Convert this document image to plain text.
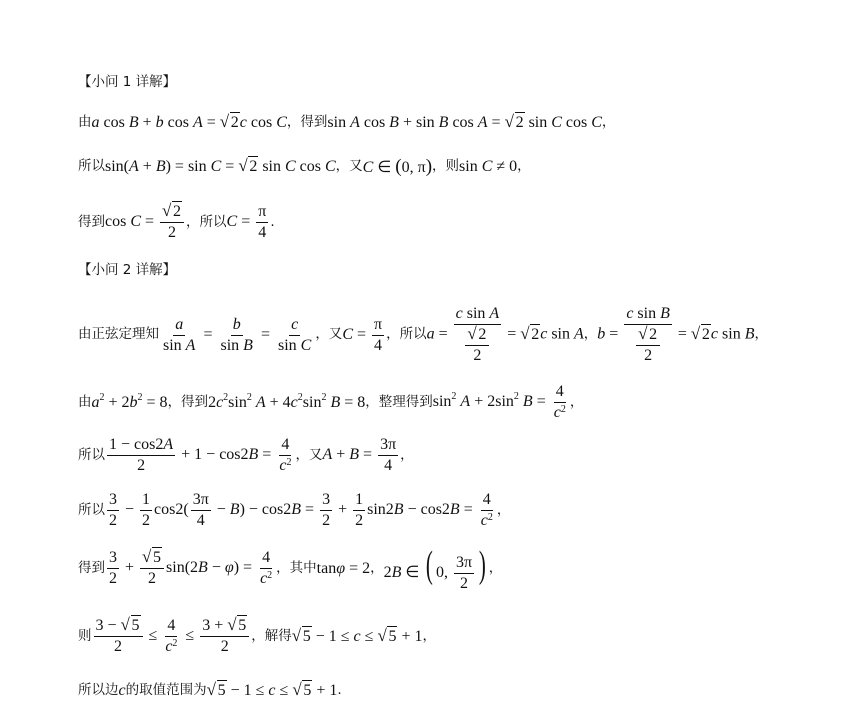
【小问 1 详解】
由 a cos B + b cos A = √ 2c cos C ，得到 sin A cos B + sin B cos A = √ 2 sin C cos C ，
所以 sin(A + B) = sin C = √ 2 sin C cos C ，又 C ∈ (0, π) ，则 sin C ≠ 0 ，
得到 cos C = √ $\frac{2}{2}$ ，所以 $C = \frac{\pi}{4}$ .
【小问 2 详解】
由正弦定理知 $\frac{a}{\text{sin A}} = \frac{b}{\text{sin B}} = \frac{c}{\text{sin C}}$ ，又 $C = \frac{\pi}{4}$ ，所以 a = c sin A
√ $\frac{2}{2}$ = √ 2c sin A ， b = c sin B
√ $\frac{2}{2}$ = √ 2c sin B ，
由 $a^2 + 2b^2 = 8$ ，得到 $2c^2\sin^2$ $A + 4c^2\sin^2$ B = 8 ，整理得到 $\sin^2 A + 2\sin^2$ $B = \frac{4}{c^2}$ ，
所以 $\frac{1 - \cos 2A}{2} + 1 - \cos 2B = \frac{4}{c^2}$ ，又 $A + B = \frac{3\pi}{4}$ ，
所以 $\frac{3}{2} - \frac{1}{2} \cos 2( \frac{3\pi}{4} - B) - \cos 2B = \frac{3}{2} + \frac{1}{2} \sin 2B - \cos 2B = \frac{4}{c^2}$ ，
得到 $\frac{3}{2}$ + √ $\frac{5}{2} \sin(2B - \varphi) = \frac{4}{c^2}$ ，其中 tanφ = 2 ， 2B ∈ ( 0, $\frac{3\pi}{2}$ ) ，
则 $\frac{3 - √ 5}{2} \le \frac{4}{c^2} \le \frac{3 + √ 5}{2}$ ，解得 √ 5 − 1 ≤ c ≤ √ 5 + 1 ，
所以边 c 的取值范围为 √ 5 − 1 ≤ c ≤ √ 5 + 1 .
